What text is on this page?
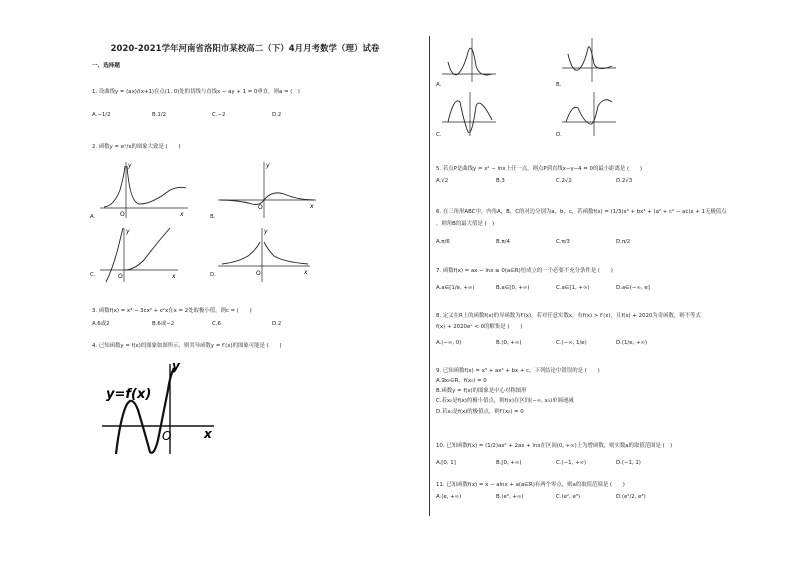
2020-2021学年河南省洛阳市某校高二（下）4月月考数学（理）试卷
一、选择题
1. 设曲线y = (ax)/(x+1)在点(1, 0)处的切线与直线x − ay + 1 = 0垂直，则a = (　)
A.−1/2	B.1/2	C.−2	D.2
2. 函数y = eˣ/x的图象大致是 (　　)
O	x
y
A.
O	x
y
B.
O	x
y
C.	O	x
y
D.
3. 函数f(x) = x³ − 3cx² + c²x在x = 2处取极小值，则c = (　　)
A.6或2	B.6或−2	C.6	D.2
4. 已知函数y = f(x)的图象如图所示，则其导函数y = f′(x)的图象可能是 (　　)
y=f(x)
O	x
y
A.	B.
C.	D.
5. 若点P是曲线y = x² − lnx上任一点，则点P到直线x−y−4 = 0的最小距离是 (　　)
A.√2	B.3	C.2√2	D.2√3
6. 在三角形ABC中，内角A，B，C的对边分别为a，b，c，若函数f(x) = (1/3)x³ + bx² + (a² + c² − ac)x + 1无极值点
，则角B的最大值是 (　)
A.π/6	B.π/4	C.π/3	D.π/2
7. 函数f(x) = ax − lnx ≥ 0(a∈R)恒成立的一个必要不充分条件是 (　　)
A.a∈[1/e, +∞)	B.a∈[0, +∞)	C.a∈[1, +∞)	D.a∈(−∞, e]
8. 定义在R上的函数f(x)的导函数为f′(x)，若对任意实数x，有f(x) > f′(x)，且f(x) + 2020为奇函数，则不等式
f(x) + 2020eˣ < 0的解集是 (　　)
A.(−∞, 0)	B.(0, +∞)	C.(−∞, 1/e)	D.(1/e, +∞)
9. 已知函数f(x) = x³ + ax² + bx + c，下列结论中错误的是 (　　)
A.∃x₀∈R，f(x₀) = 0
B.函数y = f(x)的图象是中心对称图形
C.若x₀是f(x)的极小值点，则f(x)在区间(−∞, x₀)单调递减
D.若x₀是f(x)的极值点，则f′(x₀) = 0
10. 已知函数f(x) = (1/2)ax² + 2ax + lnx在区间(0, +∞)上为增函数，则实数a的取值范围是 (　)
A.[0, 1]	B.[0, +∞)	C.(−1, +∞)	D.(−1, 1)
11. 已知函数f(x) = x − alnx + a(a∈R)有两个零点，则a的取值范围是 (　　)
A.(e, +∞)	B.(e², +∞)	C.(e², e³)	D.(e²/2, e³)
